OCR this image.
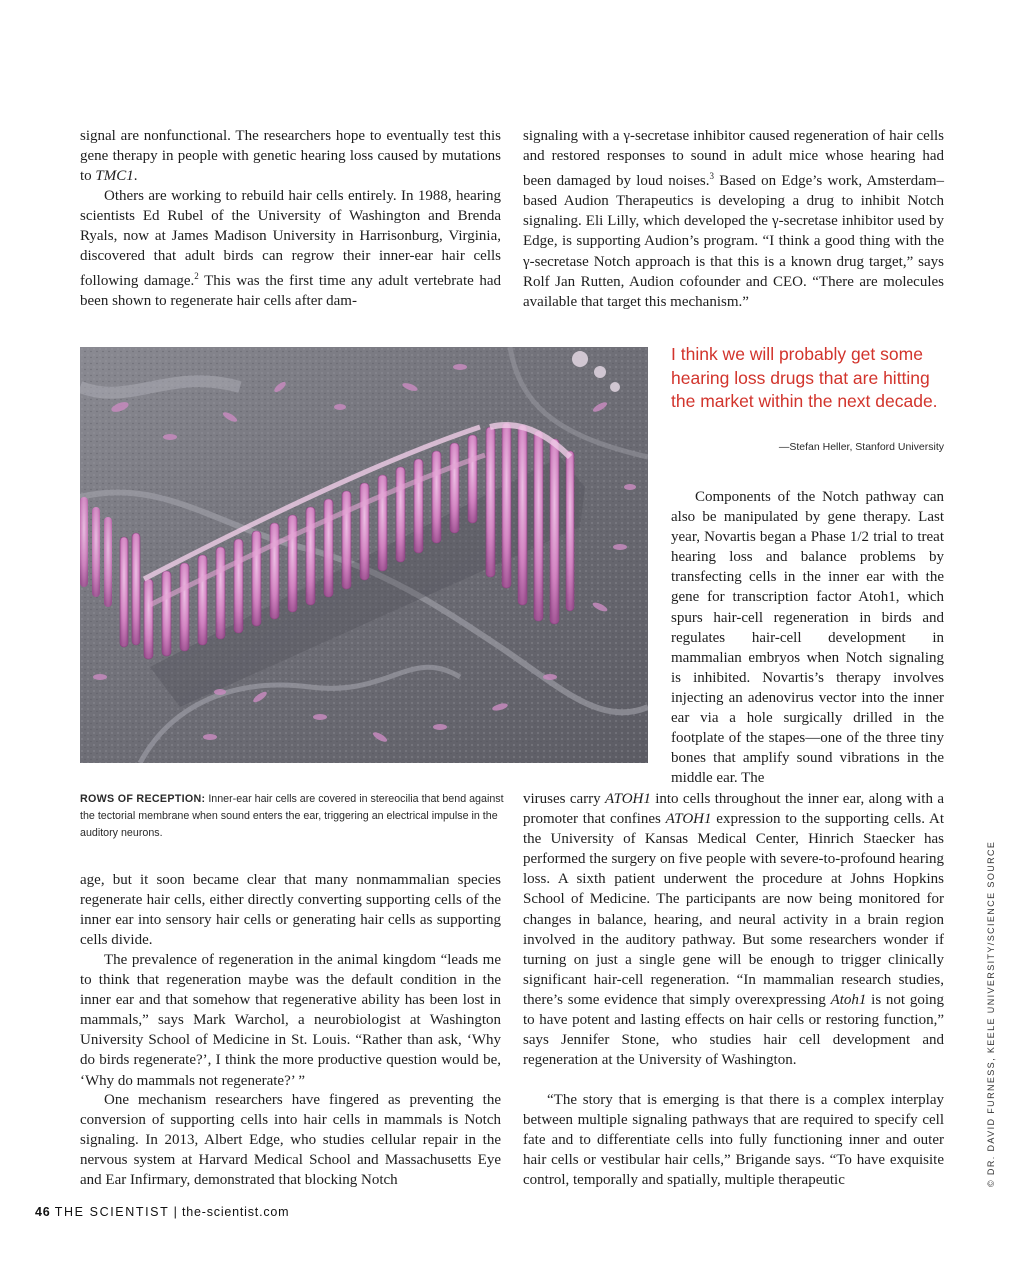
signal are nonfunctional. The researchers hope to eventually test this gene therapy in people with genetic hearing loss caused by mutations to TMC1.
Others are working to rebuild hair cells entirely. In 1988, hearing scientists Ed Rubel of the University of Washington and Brenda Ryals, now at James Madison University in Harrisonburg, Virginia, discovered that adult birds can regrow their inner-ear hair cells following damage.$^2$ This was the first time any adult vertebrate had been shown to regenerate hair cells after dam-
signaling with a γ-secretase inhibitor caused regeneration of hair cells and restored responses to sound in adult mice whose hearing had been damaged by loud noises.$^3$ Based on Edge’s work, Amsterdam–based Audion Therapeutics is developing a drug to inhibit Notch signaling. Eli Lilly, which developed the γ-secretase inhibitor used by Edge, is supporting Audion’s program. “I think a good thing with the γ-secretase Notch approach is that this is a known drug target,” says Rolf Jan Rutten, Audion cofounder and CEO. “There are molecules available that target this mechanism.”
ROWS OF RECEPTION: Inner-ear hair cells are covered in stereocilia that bend against the tectorial membrane when sound enters the ear, triggering an electrical impulse in the auditory neurons.
I think we will probably get some hearing loss drugs that are hitting the market within the next decade.
—Stefan Heller, Stanford University
Components of the Notch pathway can also be manipulated by gene therapy. Last year, Novartis began a Phase 1/2 trial to treat hearing loss and balance problems by transfecting cells in the inner ear with the gene for transcription factor Atoh1, which spurs hair-cell regeneration in birds and regulates hair-cell development in mammalian embryos when Notch signaling is inhibited. Novartis’s therapy involves injecting an adenovirus vector into the inner ear via a hole surgically drilled in the footplate of the stapes—one of the three tiny bones that amplify sound vibrations in the middle ear. The
age, but it soon became clear that many nonmammalian species regenerate hair cells, either directly converting supporting cells of the inner ear into sensory hair cells or generating hair cells as supporting cells divide.
The prevalence of regeneration in the animal kingdom “leads me to think that regeneration maybe was the default condition in the inner ear and that somehow that regenerative ability has been lost in mammals,” says Mark Warchol, a neurobiologist at Washington University School of Medicine in St. Louis. “Rather than ask, ‘Why do birds regenerate?’, I think the more productive question would be, ‘Why do mammals not regenerate?’ ”
One mechanism researchers have fingered as preventing the conversion of supporting cells into hair cells in mammals is Notch signaling. In 2013, Albert Edge, who studies cellular repair in the nervous system at Harvard Medical School and Massachusetts Eye and Ear Infirmary, demonstrated that blocking Notch
viruses carry ATOH1 into cells throughout the inner ear, along with a promoter that confines ATOH1 expression to the supporting cells. At the University of Kansas Medical Center, Hinrich Staecker has performed the surgery on five people with severe-to-profound hearing loss. A sixth patient underwent the procedure at Johns Hopkins School of Medicine. The participants are now being monitored for changes in balance, hearing, and neural activity in a brain region involved in the auditory pathway. But some researchers wonder if turning on just a single gene will be enough to trigger clinically significant hair-cell regeneration. “In mammalian research studies, there’s some evidence that simply overexpressing Atoh1 is not going to have potent and lasting effects on hair cells or restoring function,” says Jennifer Stone, who studies hair cell development and regeneration at the University of Washington.
“The story that is emerging is that there is a complex interplay between multiple signaling pathways that are required to specify cell fate and to differentiate cells into fully functioning inner and outer hair cells or vestibular hair cells,” Brigande says. “To have exquisite control, temporally and spatially, multiple therapeutic	© DR. DAVID FURNESS, KEELE UNIVERSITY/SCIENCE SOURCE
46 THE SCIENTIST | the-scientist.com
